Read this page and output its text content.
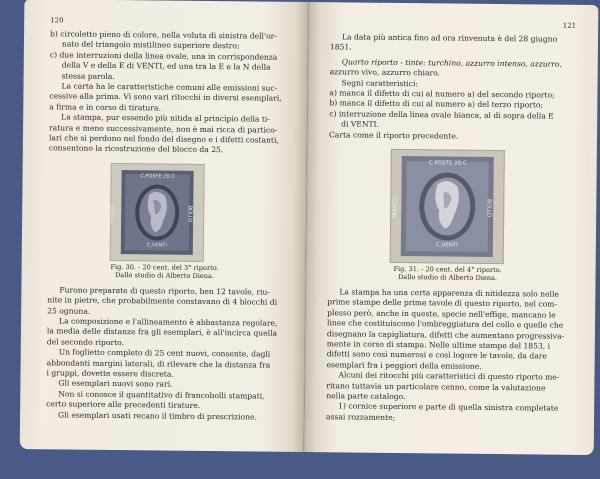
120

b) circoletto pieno di colore, nella voluta di sinistra dell'or-

nato del triangolo mistilineo superiore destro;

c) due interruzioni della linea ovale, una in corrispondenza

della V e della E di VENTI, ed una tra la E e la N della

stessa parola.

La carta ha le caratteristiche comuni alle emissioni suc-

cessive alla prima. Vi sono vari ritocchi in diversi esemplari,

a firma e in corso di tiratura.

La stampa, pur essendo più nitida al principio della ti-

ratura e meno successivamente, non è mai ricca di partico-

lari che si perdono nel fondo del disegno e i difetti costanti,

consentono la ricostruzione del blocco da 25.

C.POSTE 20 C
FRANCO	BOLLO
C.VENTI
Fig. 30. - 20 cent. del 3° riporto.
Dallo studio di Alberto Diena.

Furono preparate di questo riporto, ben 12 tavole, riu-

nite in pietre, che probabilmente constavano di 4 blocchi di

25 ognuna.

La composizione e l'allineamento è abbastanza regolare,

la media delle distanze fra gli esemplari, è all'incirca quella

del secondo riporto.

Un foglietto completo di 25 cent nuovi, consente, dagli

abbondanti margini laterali, di rilevare che la distanza fra

i gruppi, dovette essere discreta.

Gli esemplari nuovi sono rari.

Non si conosce il quantitativo di francobolli stampati,

certo superiore alle precedenti tirature.

Gli esemplari usati recano il timbro di prescrizione.

121

La data più antica fino ad ora rinvenuta è del 28 giugno

1851.

Quarto riporto - tinte: turchino, azzurro intenso, azzurro,

azzurro vivo, azzurro chiaro.

Segni caratteristici:

a) manca il difetto di cui al numero a) del secondo riporto;

b) manca il difetto di cui al numero a) del terzo riporto;

c) interruzione della linea ovale bianca, al di sopra della E

di VENTI.

Carta come il riporto precedente.

C.POSTE 20 C
FRANCO	BOLLO
C.VENTI
Fig. 31. - 20 cent. del 4° riporto.
Dallo studio di Alberto Diena.

La stampa ha una certa apparenza di nitidezza solo nelle

prime stampe delle prime tavole di questo riporto, nel com-

plesso però, anche in queste, specie nell'effige, mancano le

linee che costituiscono l'ombreggiatura del collo e quelle che

disegnano la capigliatura, difetti che aumentano progressiva-

mente in corso di stampa. Nelle ultime stampe del 1853, i

difetti sono così numerosi e così logore le tavole, da dare

esemplari fra i peggiori della emissione.

Alcuni dei ritocchi più caratteristici di questo riporto me-

ritano tuttavia un particolare cenno, come la valutazione

nella parte catalogo.

1) cornice superiore e parte di quella sinistra completate

assai rozzamente;
